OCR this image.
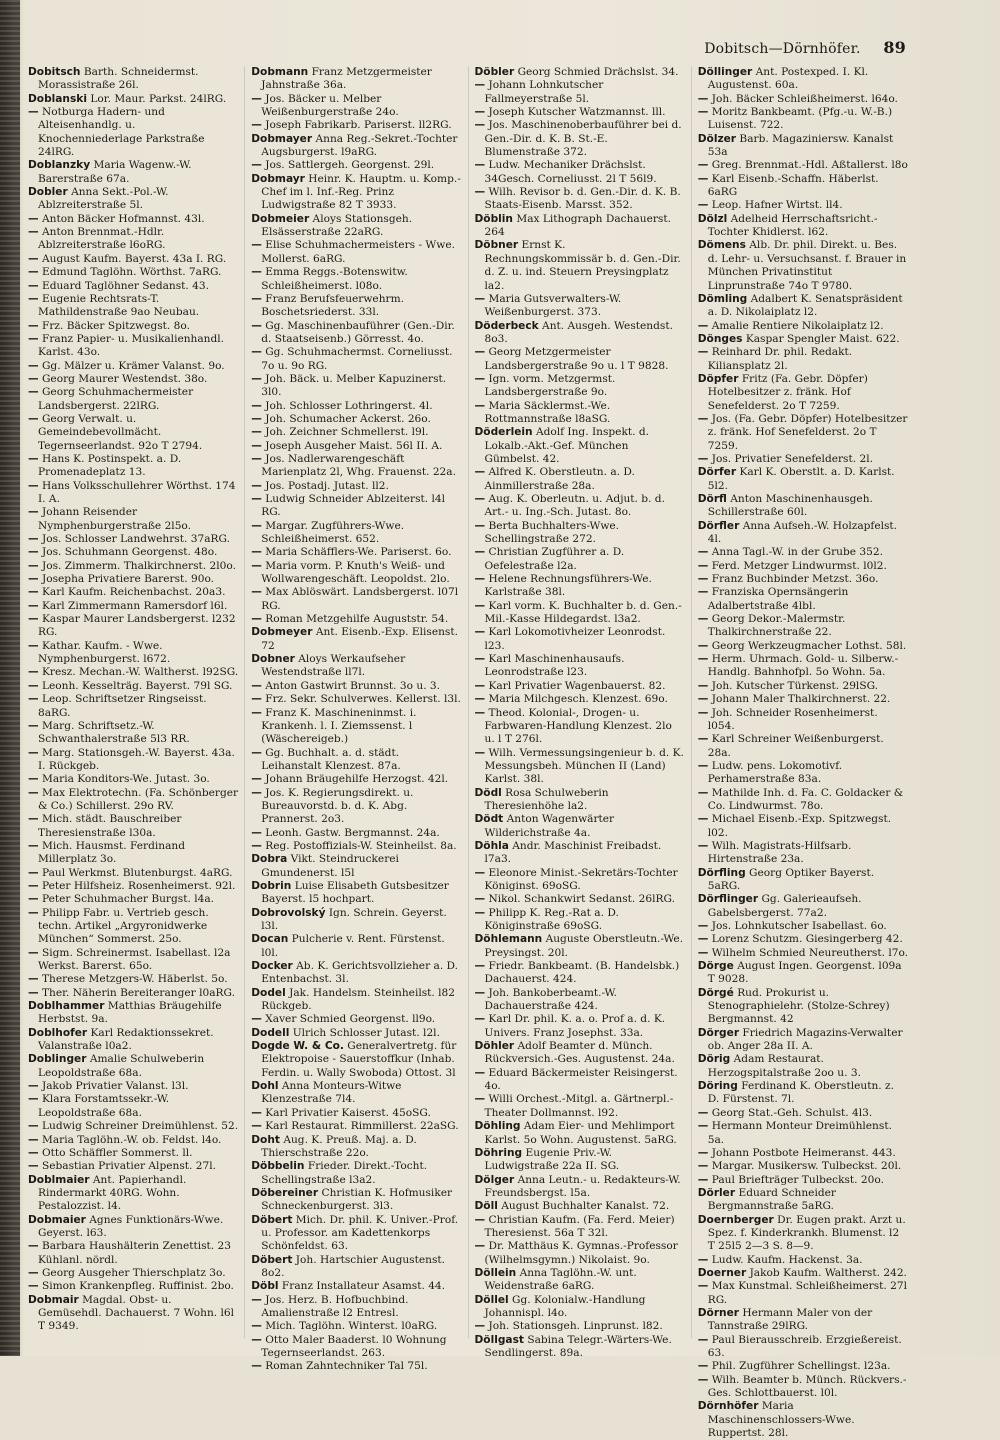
Dobitsch—Dörnhöfer. 89

Dobitsch Barth. Schneidermst. Morassistraße 26l.

Doblanski Lor. Maur. Parkst. 24lRG.

— Notburga Hadern- und Alteisenhandlg. u. Knochenniederlage Parkstraße 24lRG.

Doblanzky Maria Wagenw.-W. Barerstraße 67a.

Dobler Anna Sekt.-Pol.-W. Ablzreiterstraße 5l.

— Anton Bäcker Hofmannst. 43l.

— Anton Brennmat.-Hdlr. Ablzreiterstraße l6oRG.

— August Kaufm. Bayerst. 43a I. RG.

— Edmund Taglöhn. Wörthst. 7aRG.

— Eduard Taglöhner Sedanst. 43.

— Eugenie Rechtsrats-T. Mathildenstraße 9ao Neubau.

— Frz. Bäcker Spitzwegst. 8o.

— Franz Papier- u. Musikalienhandl. Karlst. 43o.

— Gg. Mälzer u. Krämer Valanst. 9o.

— Georg Maurer Westendst. 38o.

— Georg Schuhmachermeister Landsbergerst. 22lRG.

— Georg Verwalt. u. Gemeindebevollmächt. Tegernseerlandst. 92o T 2794.

— Hans K. Postinspekt. a. D. Promenadeplatz 13.

— Hans Volksschullehrer Wörthst. 174 I. A.

— Johann Reisender Nymphenburgerstraße 2l5o.

— Jos. Schlosser Landwehrst. 37aRG.

— Jos. Schuhmann Georgenst. 48o.

— Jos. Zimmerm. Thalkirchnerst. 2l0o.

— Josepha Privatiere Barerst. 90o.

— Karl Kaufm. Reichenbachst. 20a3.

— Karl Zimmermann Ramersdorf l6l.

— Kaspar Maurer Landsbergerst. l232 RG.

— Kathar. Kaufm. - Wwe. Nymphenburgerst. l672.

— Kresz. Mechan.-W. Waltherst. l92SG.

— Leonh. Kesselträg. Bayerst. 79l SG.

— Leop. Schriftsetzer Ringseisst. 8aRG.

— Marg. Schriftsetz.-W. Schwanthalerstraße 5l3 RR.

— Marg. Stationsgeh.-W. Bayerst. 43a. I. Rückgeb.

— Maria Konditors-We. Jutast. 3o.

— Max Elektrotechn. (Fa. Schönberger & Co.) Schillerst. 29o RV.

— Mich. städt. Bauschreiber Theresienstraße l30a.

— Mich. Hausmst. Ferdinand Millerplatz 3o.

— Paul Werkmst. Blutenburgst. 4aRG.

— Peter Hilfsheiz. Rosenheimerst. 92l.

— Peter Schuhmacher Burgst. l4a.

— Philipp Fabr. u. Vertrieb gesch. techn. Artikel „Argyronidwerke München“ Sommerst. 25o.

— Sigm. Schreinermst. Isabellast. l2a Werkst. Barerst. 65o.

— Therese Metzgers-W. Häberlst. 5o.

— Ther. Näherin Bereiteranger l0aRG.

Doblhammer Matthias Bräugehilfe Herbstst. 9a.

Doblhofer Karl Redaktionssekret. Valanstraße l0a2.

Doblinger Amalie Schulweberin Leopoldstraße 68a.

— Jakob Privatier Valanst. l3l.

— Klara Forstamtssekr.-W. Leopoldstraße 68a.

— Ludwig Schreiner Dreimühlenst. 52.

— Maria Taglöhn.-W. ob. Feldst. l4o.

— Otto Schäffler Sommerst. ll.

— Sebastian Privatier Alpenst. 27l.

Doblmaier Ant. Papierhandl. Rindermarkt 40RG. Wohn. Pestalozzist. l4.

Dobmaier Agnes Funktionärs-Wwe. Geyerst. l63.

— Barbara Haushälterin Zenettist. 23 Kühlanl. nördl.

— Georg Ausgeher Thierschplatz 3o.

— Simon Krankenpfleg. Ruffinist. 2bo.

Dobmair Magdal. Obst- u. Gemüsehdl. Dachauerst. 7 Wohn. l6l T 9349.

Dobmann Franz Metzgermeister Jahnstraße 36a.

— Jos. Bäcker u. Melber Weißenburgerstraße 24o.

— Joseph Fabrikarb. Pariserst. ll2RG.

Dobmayer Anna Reg.-Sekret.-Tochter Augsburgerst. l9aRG.

— Jos. Sattlergeh. Georgenst. 29l.

Dobmayr Heinr. K. Hauptm. u. Komp.-Chef im l. Inf.-Reg. Prinz Ludwigstraße 82 T 3933.

Dobmeier Aloys Stationsgeh. Elsässerstraße 22aRG.

— Elise Schuhmachermeisters - Wwe. Mollerst. 6aRG.

— Emma Reggs.-Botenswitw. Schleißheimerst. l08o.

— Franz Berufsfeuerwehrm. Boschetsriederst. 33l.

— Gg. Maschinenbauführer (Gen.-Dir. d. Staatseisenb.) Görresst. 4o.

— Gg. Schuhmachermst. Corneliusst. 7o u. 9o RG.

— Joh. Bäck. u. Melber Kapuzinerst. 3l0.

— Joh. Schlosser Lothringerst. 4l.

— Joh. Schumacher Ackerst. 26o.

— Joh. Zeichner Schmellerst. l9l.

— Joseph Ausgeher Maist. 56l II. A.

— Jos. Nadlerwarengeschäft Marienplatz 2l, Whg. Frauenst. 22a.

— Jos. Postadj. Jutast. ll2.

— Ludwig Schneider Ablzeiterst. l4l RG.

— Margar. Zugführers-Wwe. Schleißheimerst. 652.

— Maria Schäfflers-We. Pariserst. 6o.

— Maria vorm. P. Knuth's Weiß- und Wollwarengeschäft. Leopoldst. 2lo.

— Max Ablöswärt. Landsbergerst. l07l RG.

— Roman Metzgehilfe Auguststr. 54.

Dobmeyer Ant. Eisenb.-Exp. Elisenst. 72

Dobner Aloys Werkaufseher Westendstraße ll7l.

— Anton Gastwirt Brunnst. 3o u. 3.

— Frz. Sekr. Schulverwes. Kellerst. l3l.

— Franz K. Maschineninmst. i. Krankenh. l. I. Ziemssenst. l (Wäschereigeb.)

— Gg. Buchhalt. a. d. städt. Leihanstalt Klenzest. 87a.

— Johann Bräugehilfe Herzogst. 42l.

— Jos. K. Regierungsdirekt. u. Bureauvorstd. b. d. K. Abg. Prannerst. 2o3.

— Leonh. Gastw. Bergmannst. 24a.

— Reg. Postoffizials-W. Steinheilst. 8a.

Dobra Vikt. Steindruckerei Gmundenerst. l5l

Dobrin Luise Elisabeth Gutsbesitzer Bayerst. l5 hochpart.

Dobrovolský Ign. Schrein. Geyerst. l3l.

Docan Pulcherie v. Rent. Fürstenst. l0l.

Docker Ab. K. Gerichtsvollzieher a. D. Entenbachst. 3l.

Dodel Jak. Handelsm. Steinheilst. l82 Rückgeb.

— Xaver Schmied Georgenst. ll9o.

Dodell Ulrich Schlosser Jutast. l2l.

Dogde W. & Co. Generalvertretg. für Elektropoise - Sauerstoffkur (Inhab. Ferdin. u. Wally Swoboda) Ottost. 3l

Dohl Anna Monteurs-Witwe Klenzestraße 7l4.

— Karl Privatier Kaiserst. 45oSG.

— Karl Restaurat. Rimmillerst. 22aSG.

Doht Aug. K. Preuß. Maj. a. D. Thierschstraße 22o.

Döbbelin Frieder. Direkt.-Tocht. Schellingstraße l3a2.

Döbereiner Christian K. Hofmusiker Schneckenburgerst. 3l3.

Döbert Mich. Dr. phil. K. Univer.-Prof. u. Professor. am Kadettenkorps Schönfeldst. 63.

Döbert Joh. Hartschier Augustenst. 8o2.

Döbl Franz Installateur Asamst. 44.

— Jos. Herz. B. Hofbuchbind. Amalienstraße l2 Entresl.

— Mich. Taglöhn. Winterst. l0aRG.

— Otto Maler Baaderst. l0 Wohnung Tegernseerlandst. 263.

— Roman Zahntechniker Tal 75l.

Döbler Georg Schmied Drächslst. 34.

— Johann Lohnkutscher Fallmeyerstraße 5l.

— Joseph Kutscher Watzmannst. lll.

— Jos. Maschinenoberbauführer bei d. Gen.-Dir. d. K. B. St.-E. Blumenstraße 372.

— Ludw. Mechaniker Drächslst. 34Gesch. Corneliusst. 2l T 56l9.

— Wilh. Revisor b. d. Gen.-Dir. d. K. B. Staats-Eisenb. Marsst. 352.

Döblin Max Lithograph Dachauerst. 264

Döbner Ernst K. Rechnungskommissär b. d. Gen.-Dir. d. Z. u. ind. Steuern Preysingplatz la2.

— Maria Gutsverwalters-W. Weißenburgerst. 373.

Döderbeck Ant. Ausgeh. Westendst. 8o3.

— Georg Metzgermeister Landsbergerstraße 9o u. l T 9828.

— Ign. vorm. Metzgermst. Landsbergerstraße 9o.

— Maria Säcklermst.-We. Rottmannstraße l8aSG.

Döderlein Adolf Ing. Inspekt. d. Lokalb.-Akt.-Gef. München Gümbelst. 42.

— Alfred K. Oberstleutn. a. D. Ainmillerstraße 28a.

— Aug. K. Oberleutn. u. Adjut. b. d. Art.- u. Ing.-Sch. Jutast. 8o.

— Berta Buchhalters-Wwe. Schellingstraße 272.

— Christian Zugführer a. D. Oefelestraße l2a.

— Helene Rechnungsführers-We. Karlstraße 38l.

— Karl vorm. K. Buchhalter b. d. Gen.-Mil.-Kasse Hildegardst. l3a2.

— Karl Lokomotivheizer Leonrodst. l23.

— Karl Maschinenhausaufs. Leonrodstraße l23.

— Karl Privatier Wagenbauerst. 82.

— Maria Milchgesch. Klenzest. 69o.

— Theod. Kolonial-, Drogen- u. Farbwaren-Handlung Klenzest. 2lo u. l T 276l.

— Wilh. Vermessungsingenieur b. d. K. Messungsbeh. München II (Land) Karlst. 38l.

Dödl Rosa Schulweberin Theresienhöhe la2.

Dödt Anton Wagenwärter Wilderichstraße 4a.

Döhla Andr. Maschinist Freibadst. l7a3.

— Eleonore Minist.-Sekretärs-Tochter Königinst. 69oSG.

— Nikol. Schankwirt Sedanst. 26lRG.

— Philipp K. Reg.-Rat a. D. Königinstraße 69oSG.

Döhlemann Auguste Oberstleutn.-We. Preysingst. 20l.

— Friedr. Bankbeamt. (B. Handelsbk.) Dachauerst. 424.

— Joh. Bankoberbeamt.-W. Dachauerstraße 424.

— Karl Dr. phil. K. a. o. Prof a. d. K. Univers. Franz Josephst. 33a.

Döhler Adolf Beamter d. Münch. Rückversich.-Ges. Augustenst. 24a.

— Eduard Bäckermeister Reisingerst. 4o.

— Willi Orchest.-Mitgl. a. Gärtnerpl.-Theater Dollmannst. l92.

Döhling Adam Eier- und Mehlimport Karlst. 5o Wohn. Augustenst. 5aRG.

Döhring Eugenie Priv.-W. Ludwigstraße 22a II. SG.

Dölger Anna Leutn.- u. Redakteurs-W. Freundsbergst. l5a.

Döll August Buchhalter Kanalst. 72.

— Christian Kaufm. (Fa. Ferd. Meier) Theresienst. 56a T 32l.

— Dr. Matthäus K. Gymnas.-Professor (Wilhelmsgymn.) Nikolaist. 9o.

Döllein Anna Taglöhn.-W. unt. Weidenstraße 6aRG.

Döllel Gg. Kolonialw.-Handlung Johannispl. l4o.

— Joh. Stationsgeh. Linprunst. l82.

Döllgast Sabina Telegr.-Wärters-We. Sendlingerst. 89a.

Döllinger Ant. Postexped. I. Kl. Augustenst. 60a.

— Joh. Bäcker Schleißheimerst. l64o.

— Moritz Bankbeamt. (Pfg.-u. W.-B.) Luisenst. 722.

Dölzer Barb. Magaziniersw. Kanalst 53a

— Greg. Brennmat.-Hdl. Aßtallerst. l8o

— Karl Eisenb.-Schaffn. Häberlst. 6aRG

— Leop. Hafner Wirtst. ll4.

Dölzl Adelheid Herrschaftsricht.-Tochter Khidlerst. l62.

Dömens Alb. Dr. phil. Direkt. u. Bes. d. Lehr- u. Versuchsanst. f. Brauer in München Privatinstitut Linprunstraße 74o T 9780.

Dömling Adalbert K. Senatspräsident a. D. Nikolaiplatz l2.

— Amalie Rentiere Nikolaiplatz l2.

Dönges Kaspar Spengler Maist. 622.

— Reinhard Dr. phil. Redakt. Kiliansplatz 2l.

Döpfer Fritz (Fa. Gebr. Döpfer) Hotelbesitzer z. fränk. Hof Senefelderst. 2o T 7259.

— Jos. (Fa. Gebr. Döpfer) Hotelbesitzer z. fränk. Hof Senefelderst. 2o T 7259.

— Jos. Privatier Senefelderst. 2l.

Dörfer Karl K. Oberstlt. a. D. Karlst. 5l2.

Dörfl Anton Maschinenhausgeh. Schillerstraße 60l.

Dörfler Anna Aufseh.-W. Holzapfelst. 4l.

— Anna Tagl.-W. in der Grube 352.

— Ferd. Metzger Lindwurmst. l0l2.

— Franz Buchbinder Metzst. 36o.

— Franziska Opernsängerin Adalbertstraße 4lbl.

— Georg Dekor.-Malermstr. Thalkirchnerstraße 22.

— Georg Werkzeugmacher Lothst. 58l.

— Herm. Uhrmach. Gold- u. Silberw.-Handlg. Bahnhofpl. 5o Wohn. 5a.

— Joh. Kutscher Türkenst. 29lSG.

— Johann Maler Thalkirchnerst. 22.

— Joh. Schneider Rosenheimerst. l054.

— Karl Schreiner Weißenburgerst. 28a.

— Ludw. pens. Lokomotivf. Perhamerstraße 83a.

— Mathilde Inh. d. Fa. C. Goldacker & Co. Lindwurmst. 78o.

— Michael Eisenb.-Exp. Spitzwegst. l02.

— Wilh. Magistrats-Hilfsarb. Hirtenstraße 23a.

Dörfling Georg Optiker Bayerst. 5aRG.

Dörflinger Gg. Galerieaufseh. Gabelsbergerst. 77a2.

— Jos. Lohnkutscher Isabellast. 6o.

— Lorenz Schutzm. Giesingerberg 42.

— Wilhelm Schmied Neureutherst. l7o.

Dörge August Ingen. Georgenst. l09a T 9028.

Dörgé Rud. Prokurist u. Stenographielehr. (Stolze-Schrey) Bergmannst. 42

Dörger Friedrich Magazins-Verwalter ob. Anger 28a II. A.

Dörig Adam Restaurat. Herzogspitalstraße 2oo u. 3.

Döring Ferdinand K. Oberstleutn. z. D. Fürstenst. 7l.

— Georg Stat.-Geh. Schulst. 4l3.

— Hermann Monteur Dreimühlenst. 5a.

— Johann Postbote Heimeranst. 443.

— Margar. Musikersw. Tulbeckst. 20l.

— Paul Briefträger Tulbeckst. 20o.

Dörler Eduard Schneider Bergmannstraße 5aRG.

Doernberger Dr. Eugen prakt. Arzt u. Spez. f. Kinderkrankh. Blumenst. l2 T 25l5 2—3 S. 8—9.

— Ludw. Kaufm. Hackenst. 3a.

Doerner Jakob Kaufm. Waltherst. 242.

— Max Kunstmal. Schleißheimerst. 27l RG.

Dörner Hermann Maler von der Tannstraße 29lRG.

— Paul Bierausschreib. Erzgießereist. 63.

— Phil. Zugführer Schellingst. l23a.

— Wilh. Beamter b. Münch. Rückvers.-Ges. Schlottbauerst. l0l.

Dörnhöfer Maria Maschinenschlossers-Wwe. Ruppertst. 28l.
